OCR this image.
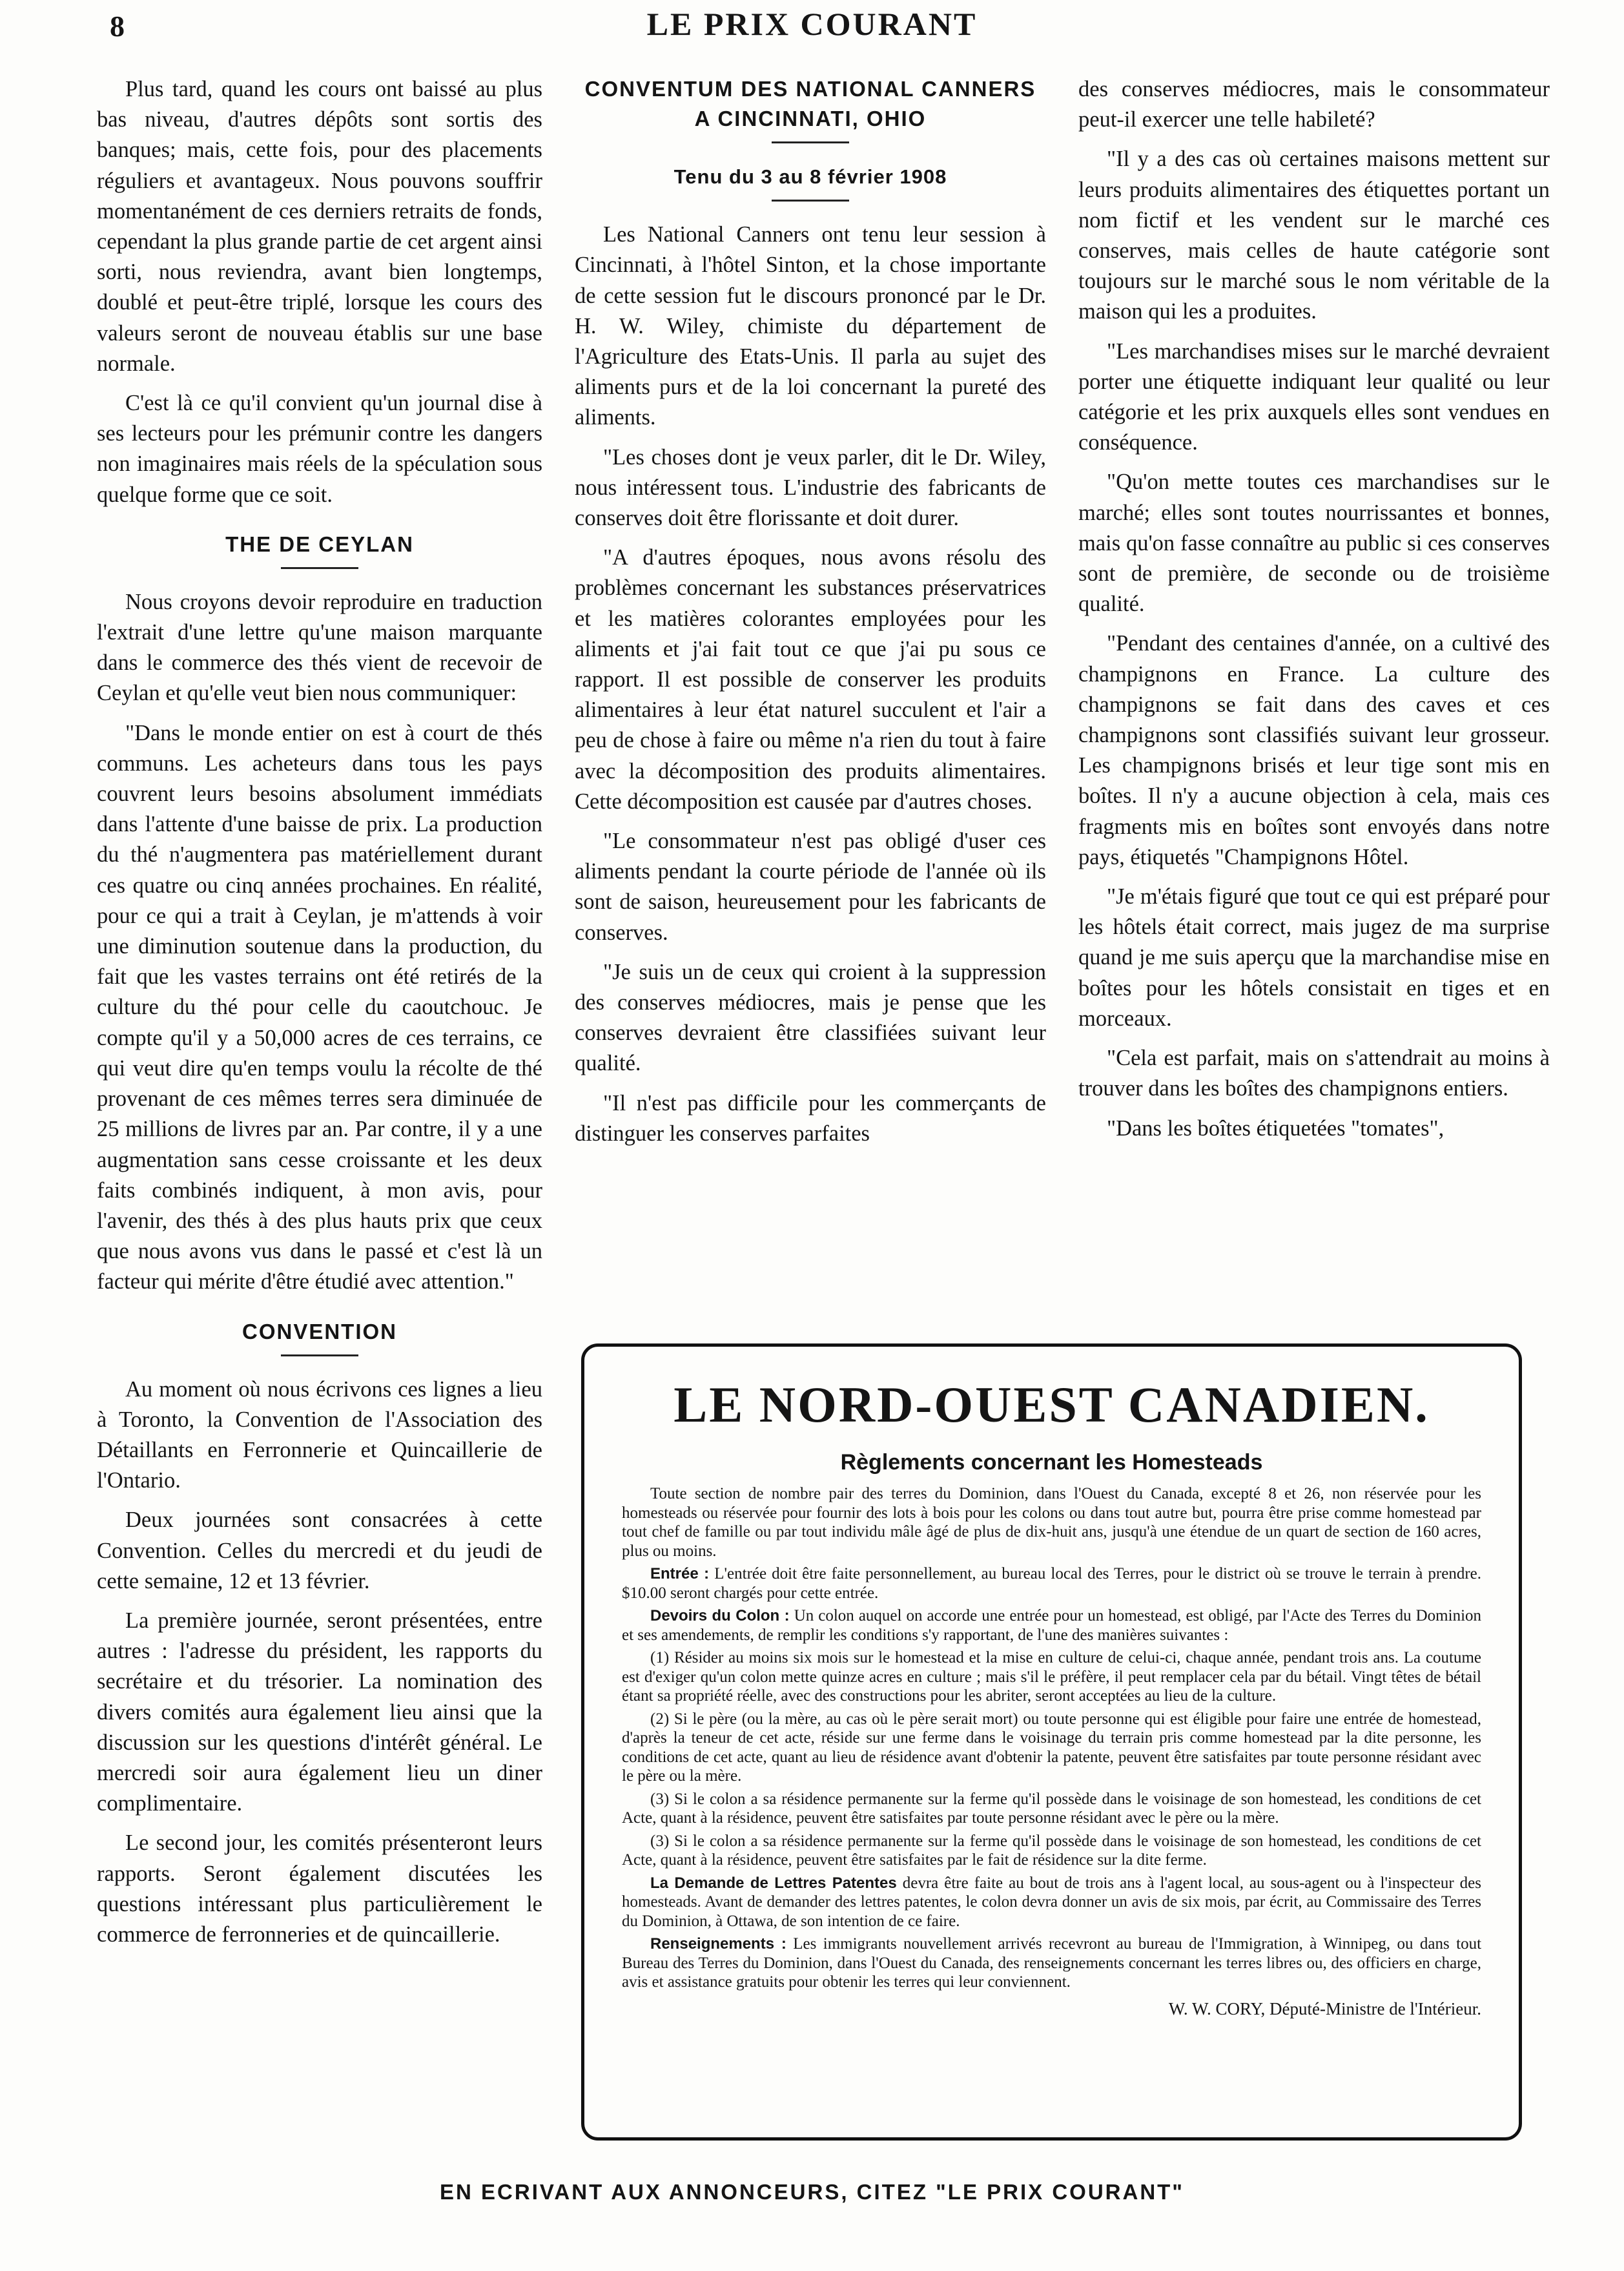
8	LE PRIX COURANT

Plus tard, quand les cours ont baissé au plus bas niveau, d'autres dépôts sont sortis des banques; mais, cette fois, pour des placements réguliers et avantageux. Nous pouvons souffrir momentanément de ces derniers retraits de fonds, cependant la plus grande partie de cet argent ainsi sorti, nous reviendra, avant bien longtemps, doublé et peut-être triplé, lorsque les cours des valeurs seront de nouveau établis sur une base normale.

C'est là ce qu'il convient qu'un journal dise à ses lecteurs pour les prémunir contre les dangers non imaginaires mais réels de la spéculation sous quelque forme que ce soit.

THE DE CEYLAN

Nous croyons devoir reproduire en traduction l'extrait d'une lettre qu'une maison marquante dans le commerce des thés vient de recevoir de Ceylan et qu'elle veut bien nous communiquer:

"Dans le monde entier on est à court de thés communs. Les acheteurs dans tous les pays couvrent leurs besoins absolument immédiats dans l'attente d'une baisse de prix. La production du thé n'augmentera pas matériellement durant ces quatre ou cinq années prochaines. En réalité, pour ce qui a trait à Ceylan, je m'attends à voir une diminution soutenue dans la production, du fait que les vastes terrains ont été retirés de la culture du thé pour celle du caoutchouc. Je compte qu'il y a 50,000 acres de ces terrains, ce qui veut dire qu'en temps voulu la récolte de thé provenant de ces mêmes terres sera diminuée de 25 millions de livres par an. Par contre, il y a une augmentation sans cesse croissante et les deux faits combinés indiquent, à mon avis, pour l'avenir, des thés à des plus hauts prix que ceux que nous avons vus dans le passé et c'est là un facteur qui mérite d'être étudié avec attention."

CONVENTION

Au moment où nous écrivons ces lignes a lieu à Toronto, la Convention de l'Association des Détaillants en Ferronnerie et Quincaillerie de l'Ontario.

Deux journées sont consacrées à cette Convention. Celles du mercredi et du jeudi de cette semaine, 12 et 13 février.

La première journée, seront présentées, entre autres : l'adresse du président, les rapports du secrétaire et du trésorier. La nomination des divers comités aura également lieu ainsi que la discussion sur les questions d'intérêt général. Le mercredi soir aura également lieu un diner complimentaire.

Le second jour, les comités présenteront leurs rapports. Seront également discutées les questions intéressant plus particulièrement le commerce de ferronneries et de quincaillerie.

CONVENTUM DES NATIONAL CANNERS A CINCINNATI, OHIO
Tenu du 3 au 8 février 1908

Les National Canners ont tenu leur session à Cincinnati, à l'hôtel Sinton, et la chose importante de cette session fut le discours prononcé par le Dr. H. W. Wiley, chimiste du département de l'Agriculture des Etats-Unis. Il parla au sujet des aliments purs et de la loi concernant la pureté des aliments.

"Les choses dont je veux parler, dit le Dr. Wiley, nous intéressent tous. L'industrie des fabricants de conserves doit être florissante et doit durer.

"A d'autres époques, nous avons résolu des problèmes concernant les substances préservatrices et les matières colorantes employées pour les aliments et j'ai fait tout ce que j'ai pu sous ce rapport. Il est possible de conserver les produits alimentaires à leur état naturel succulent et l'air a peu de chose à faire ou même n'a rien du tout à faire avec la décomposition des produits alimentaires. Cette décomposition est causée par d'autres choses.

"Le consommateur n'est pas obligé d'user ces aliments pendant la courte période de l'année où ils sont de saison, heureusement pour les fabricants de conserves.

"Je suis un de ceux qui croient à la suppression des conserves médiocres, mais je pense que les conserves devraient être classifiées suivant leur qualité.

"Il n'est pas difficile pour les commerçants de distinguer les conserves parfaites

des conserves médiocres, mais le consommateur peut-il exercer une telle habileté?

"Il y a des cas où certaines maisons mettent sur leurs produits alimentaires des étiquettes portant un nom fictif et les vendent sur le marché ces conserves, mais celles de haute catégorie sont toujours sur le marché sous le nom véritable de la maison qui les a produites.

"Les marchandises mises sur le marché devraient porter une étiquette indiquant leur qualité ou leur catégorie et les prix auxquels elles sont vendues en conséquence.

"Qu'on mette toutes ces marchandises sur le marché; elles sont toutes nourrissantes et bonnes, mais qu'on fasse connaître au public si ces conserves sont de première, de seconde ou de troisième qualité.

"Pendant des centaines d'année, on a cultivé des champignons en France. La culture des champignons se fait dans des caves et ces champignons sont classifiés suivant leur grosseur. Les champignons brisés et leur tige sont mis en boîtes. Il n'y a aucune objection à cela, mais ces fragments mis en boîtes sont envoyés dans notre pays, étiquetés "Champignons Hôtel.

"Je m'étais figuré que tout ce qui est préparé pour les hôtels était correct, mais jugez de ma surprise quand je me suis aperçu que la marchandise mise en boîtes pour les hôtels consistait en tiges et en morceaux.

"Cela est parfait, mais on s'attendrait au moins à trouver dans les boîtes des champignons entiers.

"Dans les boîtes étiquetées "tomates",

LE NORD-OUEST CANADIEN.
Règlements concernant les Homesteads

Toute section de nombre pair des terres du Dominion, dans l'Ouest du Canada, excepté 8 et 26, non réservée pour les homesteads ou réservée pour fournir des lots à bois pour les colons ou dans tout autre but, pourra être prise comme homestead par tout chef de famille ou par tout individu mâle âgé de plus de dix-huit ans, jusqu'à une étendue de un quart de section de 160 acres, plus ou moins.

Entrée : L'entrée doit être faite personnellement, au bureau local des Terres, pour le district où se trouve le terrain à prendre. $10.00 seront chargés pour cette entrée.

Devoirs du Colon : Un colon auquel on accorde une entrée pour un homestead, est obligé, par l'Acte des Terres du Dominion et ses amendements, de remplir les conditions s'y rapportant, de l'une des manières suivantes :

(1) Résider au moins six mois sur le homestead et la mise en culture de celui-ci, chaque année, pendant trois ans. La coutume est d'exiger qu'un colon mette quinze acres en culture ; mais s'il le préfère, il peut remplacer cela par du bétail. Vingt têtes de bétail étant sa propriété réelle, avec des constructions pour les abriter, seront acceptées au lieu de la culture.

(2) Si le père (ou la mère, au cas où le père serait mort) ou toute personne qui est éligible pour faire une entrée de homestead, d'après la teneur de cet acte, réside sur une ferme dans le voisinage du terrain pris comme homestead par la dite personne, les conditions de cet acte, quant au lieu de résidence avant d'obtenir la patente, peuvent être satisfaites par toute personne résidant avec le père ou la mère.

(3) Si le colon a sa résidence permanente sur la ferme qu'il possède dans le voisinage de son homestead, les conditions de cet Acte, quant à la résidence, peuvent être satisfaites par toute personne résidant avec le père ou la mère.

(3) Si le colon a sa résidence permanente sur la ferme qu'il possède dans le voisinage de son homestead, les conditions de cet Acte, quant à la résidence, peuvent être satisfaites par le fait de résidence sur la dite ferme.

La Demande de Lettres Patentes devra être faite au bout de trois ans à l'agent local, au sous-agent ou à l'inspecteur des homesteads. Avant de demander des lettres patentes, le colon devra donner un avis de six mois, par écrit, au Commissaire des Terres du Dominion, à Ottawa, de son intention de ce faire.

Renseignements : Les immigrants nouvellement arrivés recevront au bureau de l'Immigration, à Winnipeg, ou dans tout Bureau des Terres du Dominion, dans l'Ouest du Canada, des renseignements concernant les terres libres ou, des officiers en charge, avis et assistance gratuits pour obtenir les terres qui leur conviennent.

W. W. CORY, Député-Ministre de l'Intérieur.
EN ECRIVANT AUX ANNONCEURS, CITEZ "LE PRIX COURANT"
